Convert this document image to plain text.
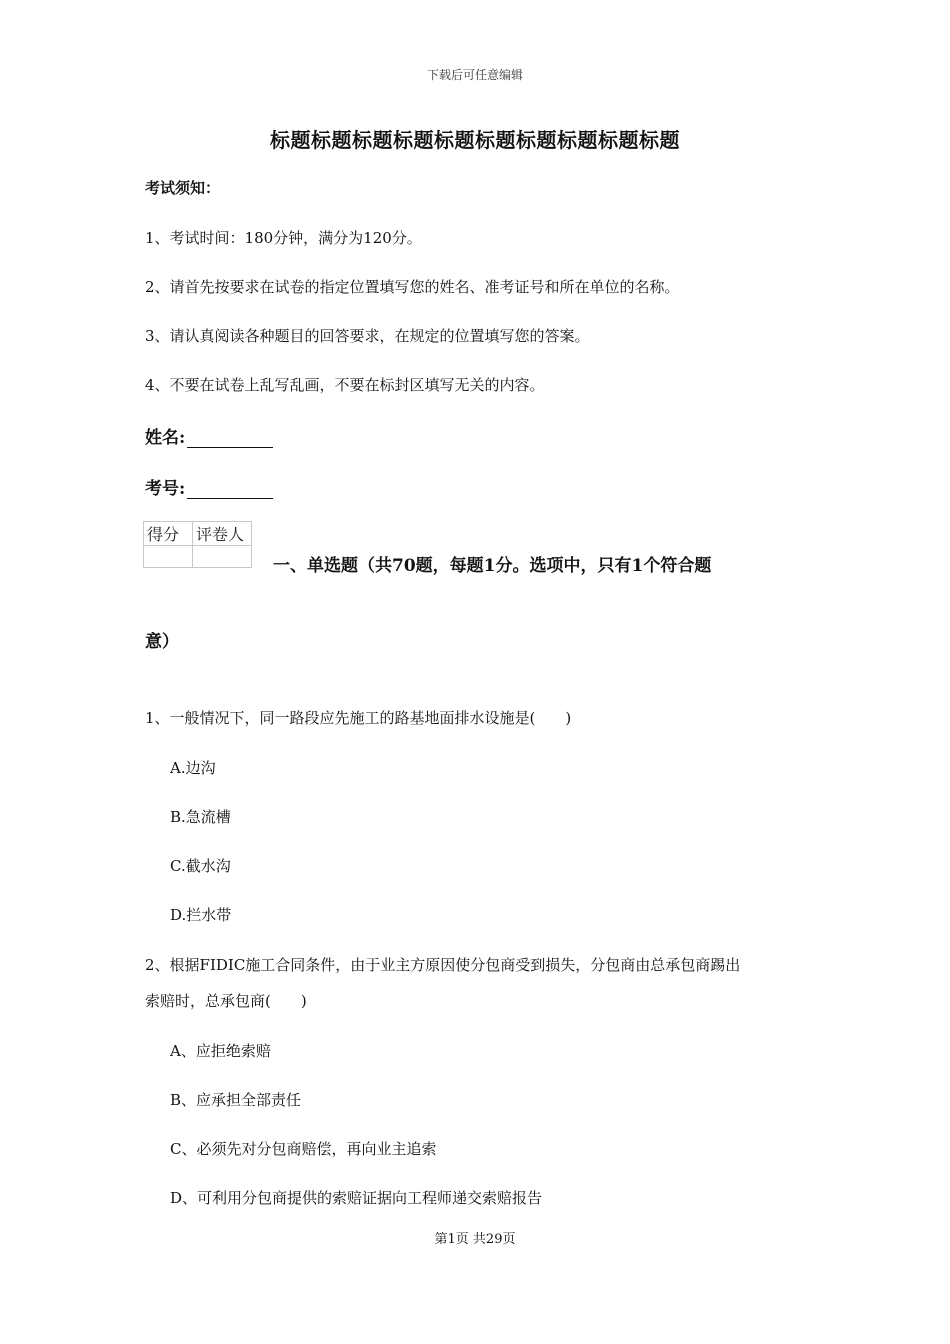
下载后可任意编辑
标题标题标题标题标题标题标题标题标题标题
考试须知：
1、考试时间：180分钟，满分为120分。
2、请首先按要求在试卷的指定位置填写您的姓名、准考证号和所在单位的名称。
3、请认真阅读各种题目的回答要求，在规定的位置填写您的答案。
4、不要在试卷上乱写乱画，不要在标封区填写无关的内容。
姓名:
考号:
得分	评卷人

一、单选题（共70题，每题1分。选项中，只有1个符合题
意）
1、一般情况下，同一路段应先施工的路基地面排水设施是(　　)
A.边沟
B.急流槽
C.截水沟
D.拦水带
2、根据FIDIC施工合同条件，由于业主方原因使分包商受到损失，分包商由总承包商踢出
索赔时，总承包商(　　)
A、应拒绝索赔
B、应承担全部责任
C、必须先对分包商赔偿，再向业主追索
D、可利用分包商提供的索赔证据向工程师递交索赔报告
第1页 共29页
